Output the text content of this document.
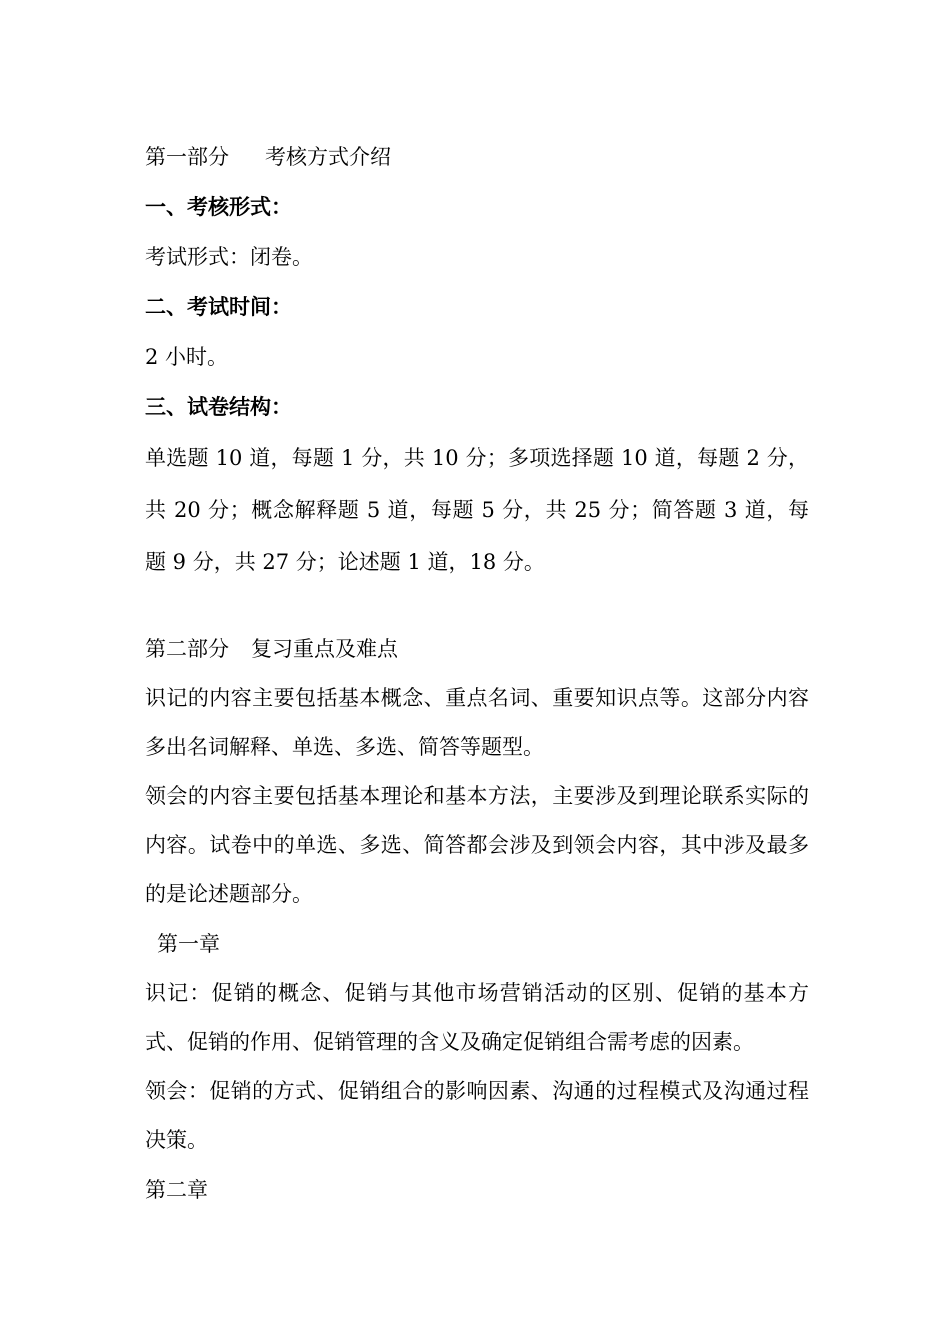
第一部分 考核方式介绍
一、考核形式：
考试形式：闭卷。
二、考试时间：
2 小时。
三、试卷结构：

单选题 10 道，每题 1 分，共 10 分；多项选择题 10 道，每题 2 分，共 20 分；概念解释题 5 道，每题 5 分，共 25 分；简答题 3 道，每题 9 分，共 27 分；论述题 1 道，18 分。

第二部分 复习重点及难点

识记的内容主要包括基本概念、重点名词、重要知识点等。这部分内容多出名词解释、单选、多选、简答等题型。

领会的内容主要包括基本理论和基本方法，主要涉及到理论联系实际的内容。试卷中的单选、多选、简答都会涉及到领会内容，其中涉及最多的是论述题部分。

第一章

识记：促销的概念、促销与其他市场营销活动的区别、促销的基本方式、促销的作用、促销管理的含义及确定促销组合需考虑的因素。

领会：促销的方式、促销组合的影响因素、沟通的过程模式及沟通过程决策。

第二章
